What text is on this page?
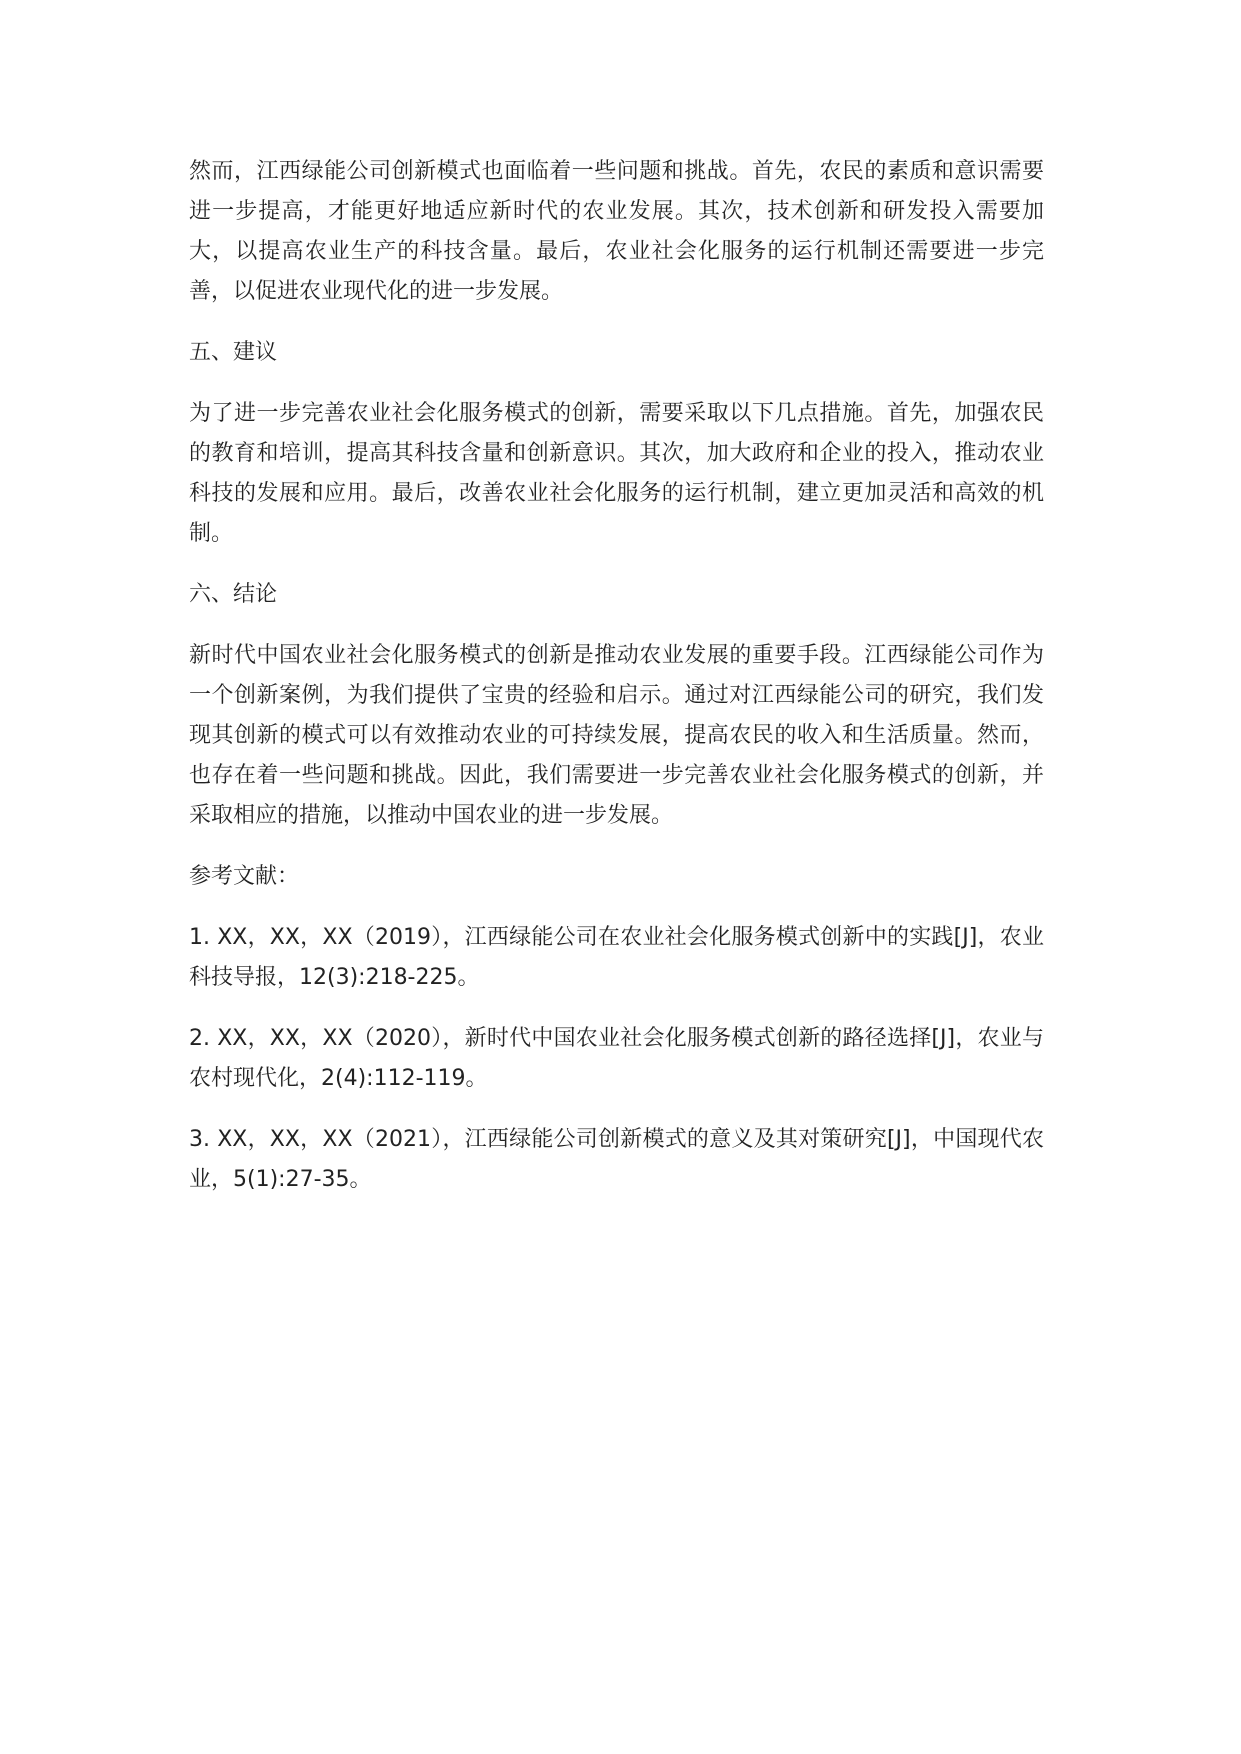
然而，江西绿能公司创新模式也面临着一些问题和挑战。首先，农民的素质和意识需要进一步提高，才能更好地适应新时代的农业发展。其次，技术创新和研发投入需要加大，以提高农业生产的科技含量。最后，农业社会化服务的运行机制还需要进一步完善，以促进农业现代化的进一步发展。

五、建议

为了进一步完善农业社会化服务模式的创新，需要采取以下几点措施。首先，加强农民的教育和培训，提高其科技含量和创新意识。其次，加大政府和企业的投入，推动农业科技的发展和应用。最后，改善农业社会化服务的运行机制，建立更加灵活和高效的机制。

六、结论

新时代中国农业社会化服务模式的创新是推动农业发展的重要手段。江西绿能公司作为一个创新案例，为我们提供了宝贵的经验和启示。通过对江西绿能公司的研究，我们发现其创新的模式可以有效推动农业的可持续发展，提高农民的收入和生活质量。然而，也存在着一些问题和挑战。因此，我们需要进一步完善农业社会化服务模式的创新，并采取相应的措施，以推动中国农业的进一步发展。

参考文献：

1. XX，XX，XX（2019），江西绿能公司在农业社会化服务模式创新中的实践[J]，农业科技导报，12(3):218-225。
2. XX，XX，XX（2020），新时代中国农业社会化服务模式创新的路径选择[J]，农业与农村现代化，2(4):112-119。
3. XX，XX，XX（2021），江西绿能公司创新模式的意义及其对策研究[J]，中国现代农业，5(1):27-35。
